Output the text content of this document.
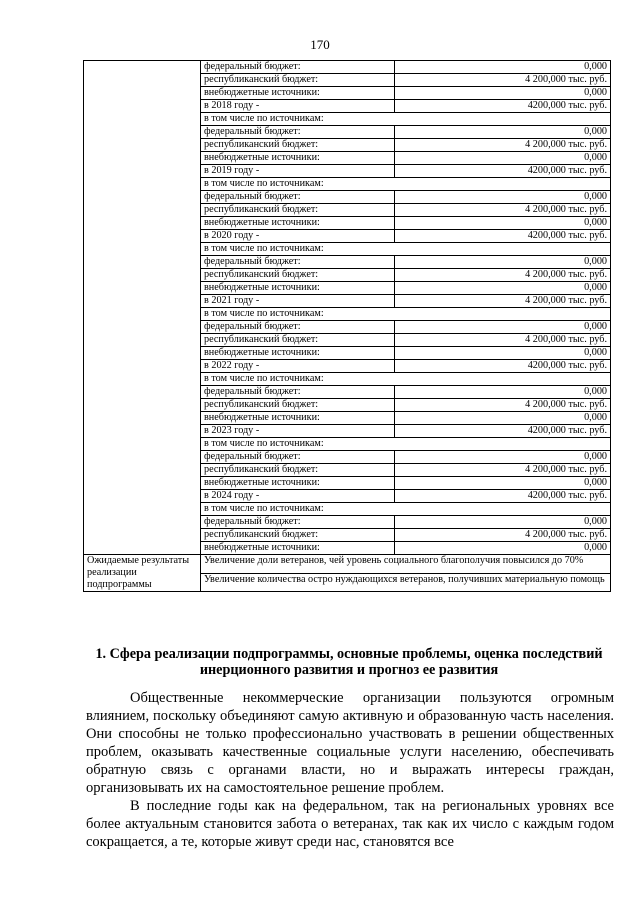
170
	федеральный бюджет:	0,000
	республиканский бюджет:	4 200,000 тыс. руб.
	внебюджетные источники:	0,000
	в 2018 году -	4200,000 тыс. руб.
	в том числе по источникам:	
	федеральный бюджет:	0,000
	республиканский бюджет:	4 200,000 тыс. руб.
	внебюджетные источники:	0,000
	в 2019 году -	4200,000 тыс. руб.
	в том числе по источникам:	
	федеральный бюджет:	0,000
	республиканский бюджет:	4 200,000 тыс. руб.
	внебюджетные источники:	0,000
	в 2020 году -	4200,000 тыс. руб.
	в том числе по источникам:	
	федеральный бюджет:	0,000
	республиканский бюджет:	4 200,000 тыс. руб.
	внебюджетные источники:	0,000
	в 2021 году -	4 200,000 тыс. руб.
	в том числе по источникам:	
	федеральный бюджет:	0,000
	республиканский бюджет:	4 200,000 тыс. руб.
	внебюджетные источники:	0,000
	в 2022 году -	4200,000 тыс. руб.
	в том числе по источникам:	
	федеральный бюджет:	0,000
	республиканский бюджет:	4 200,000 тыс. руб.
	внебюджетные источники:	0,000
	в 2023 году -	4200,000 тыс. руб.
	в том числе по источникам:	
	федеральный бюджет:	0,000
	республиканский бюджет:	4 200,000 тыс. руб.
	внебюджетные источники:	0,000
	в 2024 году -	4200,000 тыс. руб.
	в том числе по источникам:	
	федеральный бюджет:	0,000
	республиканский бюджет:	4 200,000 тыс. руб.
	внебюджетные источники:	0,000
Ожидаемые результаты реализации подпрограммы	Увеличение доли ветеранов, чей уровень социального благополучия повысился до 70%	
	Увеличение количества остро нуждающихся ветеранов, получивших материальную помощь	
1. Сфера реализации подпрограммы, основные проблемы, оценка последствий инерционного развития и прогноз ее развития

Общественные некоммерческие организации пользуются огромным влиянием, поскольку объединяют самую активную и образованную часть населения. Они способны не только профессионально участвовать в решении общественных проблем, оказывать качественные социальные услуги населению, обеспечивать обратную связь с органами власти, но и выражать интересы граждан, организовывать их на самостоятельное решение проблем.

В последние годы как на федеральном, так на региональных уровнях все более актуальным становится забота о ветеранах, так как их число с каждым годом сокращается, а те, которые живут среди нас, становятся все
